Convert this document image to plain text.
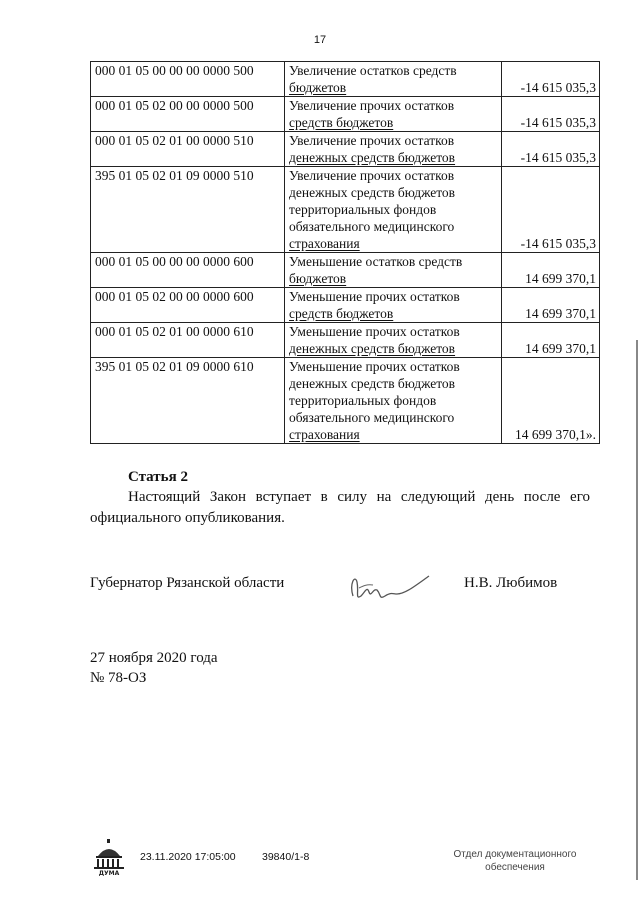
17
000 01 05 00 00 00 0000 500	Увеличение остатков средств
бюджетов	-14 615 035,3
000 01 05 02 00 00 0000 500	Увеличение прочих остатков
средств бюджетов	-14 615 035,3
000 01 05 02 01 00 0000 510	Увеличение прочих остатков
денежных средств бюджетов	-14 615 035,3
395 01 05 02 01 09 0000 510	Увеличение прочих остатков
денежных средств бюджетов
территориальных фондов
обязательного медицинского
страхования	-14 615 035,3
000 01 05 00 00 00 0000 600	Уменьшение остатков средств
бюджетов	14 699 370,1
000 01 05 02 00 00 0000 600	Уменьшение прочих остатков
средств бюджетов	14 699 370,1
000 01 05 02 01 00 0000 610	Уменьшение прочих остатков
денежных средств бюджетов	14 699 370,1
395 01 05 02 01 09 0000 610	Уменьшение прочих остатков
денежных средств бюджетов
территориальных фондов
обязательного медицинского
страхования	14 699 370,1».
Статья 2
Настоящий Закон вступает в силу на следующий день после его официального опубликования.
Губернатор Рязанской области	Н.В. Любимов
27 ноября 2020 года
№ 78-ОЗ
ДУМА
23.11.2020 17:05:00	39840/1-8	Отдел документационного
обеспечения
